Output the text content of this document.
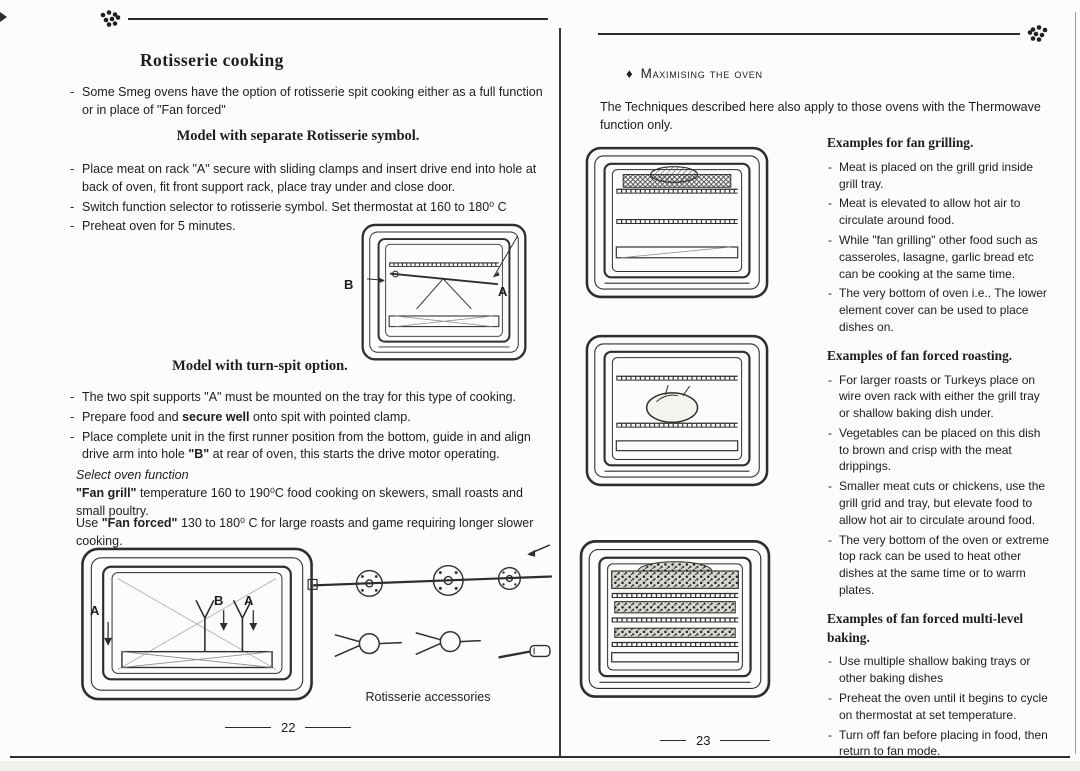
Rotisserie cooking
- Some Smeg ovens have the option of rotisserie spit cooking either as a full function or in place of "Fan forced"
Model with separate Rotisserie symbol.
- Place meat on rack "A" secure with sliding clamps and insert drive end into hole at back of oven, fit front support rack, place tray under and close door.
- Switch function selector to rotisserie symbol. Set thermostat at 160 to 180⁰ C
- Preheat oven for 5 minutes.
B	A
Model with turn-spit option.
- The two spit supports "A" must be mounted on the tray for this type of cooking.
- Prepare food and secure well onto spit with pointed clamp.
- Place complete unit in the first runner position from the bottom, guide in and align drive arm into hole "B" at rear of oven, this starts the drive motor operating.
Select oven function
"Fan grill" temperature 160 to 190⁰C food cooking on skewers, small roasts and small poultry.
Use "Fan forced" 130 to 180⁰ C for large roasts and game requiring longer slower cooking.
A
B A
Rotisserie accessories
22
♦ Maximising the oven

The Techniques described here also apply to those ovens with the Thermowave function only.

Examples for fan grilling.
- Meat is placed on the grill grid inside grill tray.
- Meat is elevated to allow hot air to circulate around food.
- While "fan grilling" other food such as casseroles, lasagne, garlic bread etc can be cooking at the same time.
- The very bottom of oven i.e.. The lower element cover can be used to place dishes on.
Examples of fan forced roasting.
- For larger roasts or Turkeys place on wire oven rack with either the grill tray or shallow baking dish under.
- Vegetables can be placed on this dish to brown and crisp with the meat drippings.
- Smaller meat cuts or chickens, use the grill grid and tray, but elevate food to allow hot air to circulate around food.
- The very bottom of the oven or extreme top rack can be used to heat other dishes at the same time or to warm plates.
Examples of fan forced multi-level baking.
- Use multiple shallow baking trays or other baking dishes
- Preheat the oven until it begins to cycle on thermostat at set temperature.
- Turn off fan before placing in food, then return to fan mode.
23
